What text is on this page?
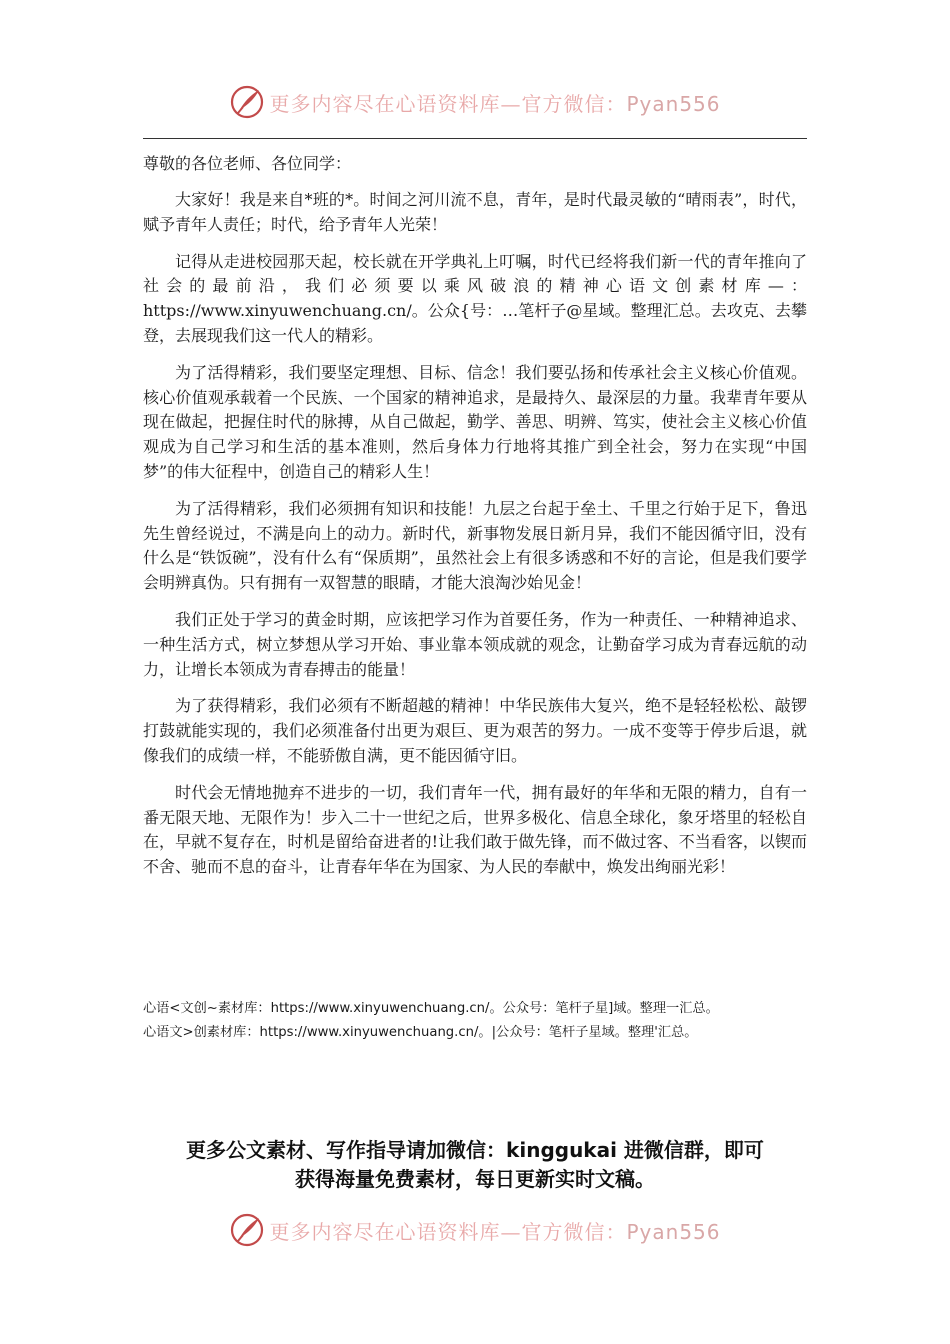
更多内容尽在心语资料库—官方微信：Pyan556
尊敬的各位老师、各位同学：
大家好！我是来自*班的*。时间之河川流不息，青年，是时代最灵敏的“晴雨表”，时代，赋予青年人责任；时代，给予青年人光荣！
记得从走进校园那天起，校长就在开学典礼上叮嘱，时代已经将我们新一代的青年推向了社会的最前沿，我们必须要以乘风破浪的精神心语文创素材库—：https://www.xinyuwenchuang.cn/。公众{号：…笔杆子@星域。整理汇总。去攻克、去攀登，去展现我们这一代人的精彩。
为了活得精彩，我们要坚定理想、目标、信念！我们要弘扬和传承社会主义核心价值观。核心价值观承载着一个民族、一个国家的精神追求，是最持久、最深层的力量。我辈青年要从现在做起，把握住时代的脉搏，从自己做起，勤学、善思、明辨、笃实，使社会主义核心价值观成为自己学习和生活的基本准则，然后身体力行地将其推广到全社会，努力在实现“中国梦”的伟大征程中，创造自己的精彩人生！
为了活得精彩，我们必须拥有知识和技能！九层之台起于垒土、千里之行始于足下，鲁迅先生曾经说过，不满是向上的动力。新时代，新事物发展日新月异，我们不能因循守旧，没有什么是“铁饭碗”，没有什么有“保质期”，虽然社会上有很多诱惑和不好的言论，但是我们要学会明辨真伪。只有拥有一双智慧的眼睛，才能大浪淘沙始见金！
我们正处于学习的黄金时期，应该把学习作为首要任务，作为一种责任、一种精神追求、一种生活方式，树立梦想从学习开始、事业靠本领成就的观念，让勤奋学习成为青春远航的动力，让增长本领成为青春搏击的能量！
为了获得精彩，我们必须有不断超越的精神！中华民族伟大复兴，绝不是轻轻松松、敲锣打鼓就能实现的，我们必须准备付出更为艰巨、更为艰苦的努力。一成不变等于停步后退，就像我们的成绩一样，不能骄傲自满，更不能因循守旧。
时代会无情地抛弃不进步的一切，我们青年一代，拥有最好的年华和无限的精力，自有一番无限天地、无限作为！步入二十一世纪之后，世界多极化、信息全球化，象牙塔里的轻松自在，早就不复存在，时机是留给奋进者的!让我们敢于做先锋，而不做过客、不当看客，以锲而不舍、驰而不息的奋斗，让青春年华在为国家、为人民的奉献中，焕发出绚丽光彩！
心语<文创~素材库：https://www.xinyuwenchuang.cn/。公众号：笔杆子星]域。整理一汇总。
心语文>创素材库：https://www.xinyuwenchuang.cn/。|公众号：笔杆子星域。整理'汇总。
更多公文素材、写作指导请加微信：kinggukai 进微信群，即可
获得海量免费素材，每日更新实时文稿。
更多内容尽在心语资料库—官方微信：Pyan556
